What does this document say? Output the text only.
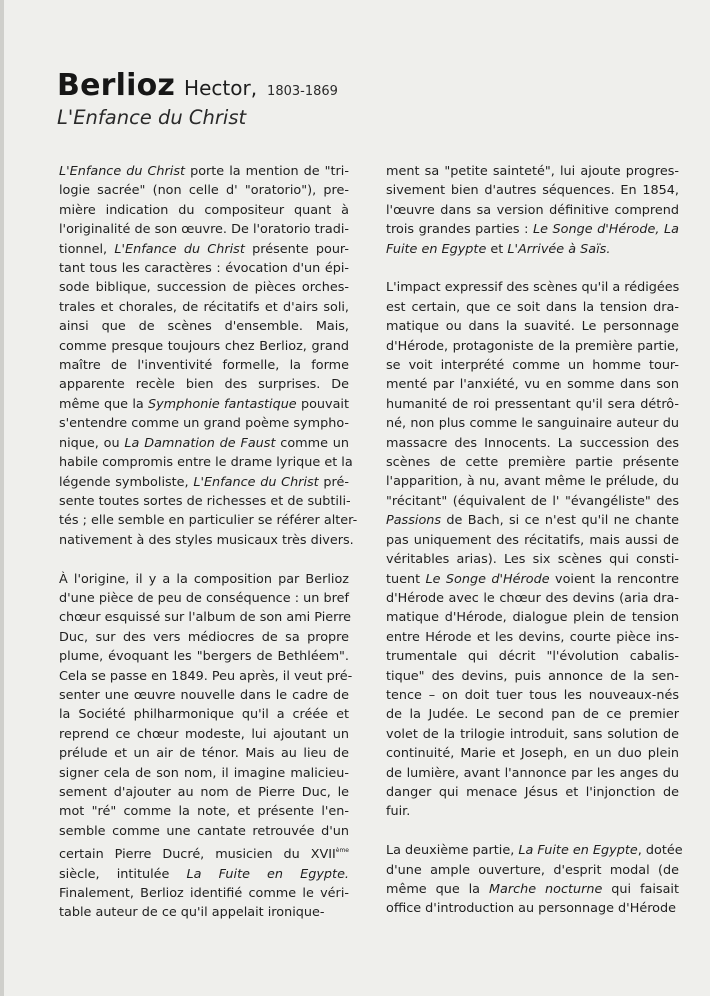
Berlioz Hector, 1803-1869
L'Enfance du Christ

L'Enfance du Christ porte la mention de "tri-
logie sacrée" (non celle d' "oratorio"), pre-
mière indication du compositeur quant à
l'originalité de son œuvre. De l'oratorio tradi-
tionnel, L'Enfance du Christ présente pour-
tant tous les caractères : évocation d'un épi-
sode biblique, succession de pièces orches-
trales et chorales, de récitatifs et d'airs soli,
ainsi que de scènes d'ensemble. Mais,
comme presque toujours chez Berlioz, grand
maître de l'inventivité formelle, la forme
apparente recèle bien des surprises. De
même que la Symphonie fantastique pouvait
s'entendre comme un grand poème sympho-
nique, ou La Damnation de Faust comme un
habile compromis entre le drame lyrique et la
légende symboliste, L'Enfance du Christ pré-
sente toutes sortes de richesses et de subtili-
tés ; elle semble en particulier se référer alter-
nativement à des styles musicaux très divers.

À l'origine, il y a la composition par Berlioz
d'une pièce de peu de conséquence : un bref
chœur esquissé sur l'album de son ami Pierre
Duc, sur des vers médiocres de sa propre
plume, évoquant les "bergers de Bethléem".
Cela se passe en 1849. Peu après, il veut pré-
senter une œuvre nouvelle dans le cadre de
la Société philharmonique qu'il a créée et
reprend ce chœur modeste, lui ajoutant un
prélude et un air de ténor. Mais au lieu de
signer cela de son nom, il imagine malicieu-
sement d'ajouter au nom de Pierre Duc, le
mot "ré" comme la note, et présente l'en-
semble comme une cantate retrouvée d'un
certain Pierre Ducré, musicien du XVIIème
siècle, intitulée La Fuite en Egypte.
Finalement, Berlioz identifié comme le véri-
table auteur de ce qu'il appelait ironique-

ment sa "petite sainteté", lui ajoute progres-
sivement bien d'autres séquences. En 1854,
l'œuvre dans sa version définitive comprend
trois grandes parties : Le Songe d'Hérode, La
Fuite en Egypte et L'Arrivée à Saïs.

L'impact expressif des scènes qu'il a rédigées
est certain, que ce soit dans la tension dra-
matique ou dans la suavité. Le personnage
d'Hérode, protagoniste de la première partie,
se voit interprété comme un homme tour-
menté par l'anxiété, vu en somme dans son
humanité de roi pressentant qu'il sera détrô-
né, non plus comme le sanguinaire auteur du
massacre des Innocents. La succession des
scènes de cette première partie présente
l'apparition, à nu, avant même le prélude, du
"récitant" (équivalent de l' "évangéliste" des
Passions de Bach, si ce n'est qu'il ne chante
pas uniquement des récitatifs, mais aussi de
véritables arias). Les six scènes qui consti-
tuent Le Songe d'Hérode voient la rencontre
d'Hérode avec le chœur des devins (aria dra-
matique d'Hérode, dialogue plein de tension
entre Hérode et les devins, courte pièce ins-
trumentale qui décrit "l'évolution cabalis-
tique" des devins, puis annonce de la sen-
tence – on doit tuer tous les nouveaux-nés
de la Judée. Le second pan de ce premier
volet de la trilogie introduit, sans solution de
continuité, Marie et Joseph, en un duo plein
de lumière, avant l'annonce par les anges du
danger qui menace Jésus et l'injonction de
fuir.

La deuxième partie, La Fuite en Egypte, dotée
d'une ample ouverture, d'esprit modal (de
même que la Marche nocturne qui faisait
office d'introduction au personnage d'Hérode
